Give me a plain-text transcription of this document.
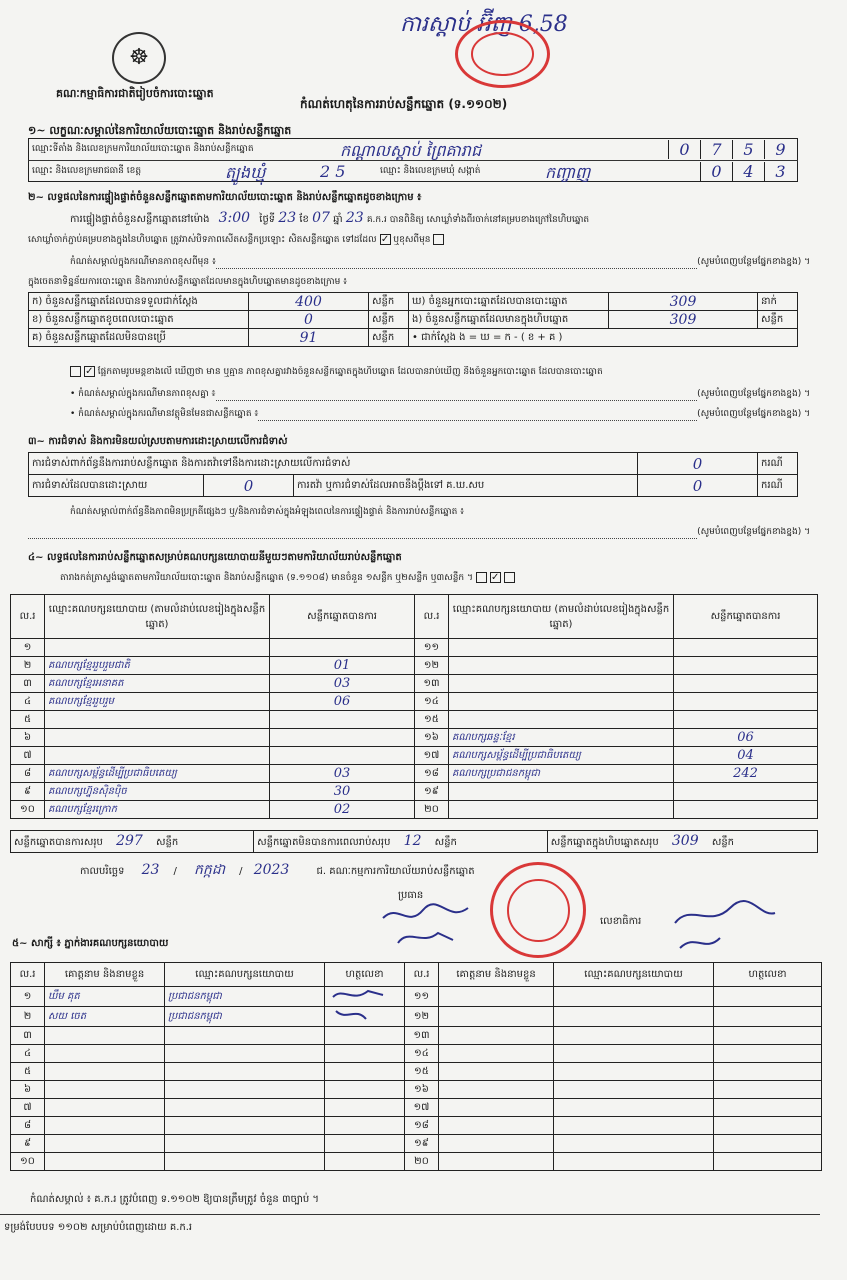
ការស្តាប់ អ៊ីញ 6,58
☸
គណៈកម្មាធិការជាតិរៀបចំការបោះឆ្នោត
កំណត់ហេតុនៃការរាប់សន្លឹកឆ្នោត (ទ.១១០២)
១~ លក្ខណៈសម្គាល់នៃការិយាល័យបោះឆ្នោត និងរាប់សន្លឹកឆ្នោត
ឈ្មោះទីតាំង និងលេខក្រមការិយាល័យបោះឆ្នោត និងរាប់សន្លឹកឆ្នោត	កណ្តាលស្តាប់ ព្រៃគារាជ	0	7	5	9
ឈ្មោះ និងលេខក្រមរាជធានី ខេត្ត	ត្បូងឃ្មុំ	2 5	ឈ្មោះ និងលេខក្រមឃុំ សង្កាត់	កញ្ចាញ	0	4	3
២~ លទ្ធផលនៃការផ្ទៀងផ្ទាត់ចំនួនសន្លឹកឆ្នោតតាមការិយាល័យបោះឆ្នោត និងរាប់សន្លឹកឆ្នោតដូចខាងក្រោម ៖
ការផ្ទៀងផ្ទាត់ចំនួនសន្លឹកឆ្នោតនៅម៉ោង 3:00 ថ្ងៃទី 23 ខែ 07 ឆ្នាំ 23 គ.ក.រ បានពិនិត្យ សោឃ្លាំទាំងពីរចាក់នៅគម្របខាងក្រៅនៃហិបឆ្នោត
សោឃ្លាំចាក់ភ្ជាប់គម្របខាងក្នុងនៃហិបឆ្នោត ត្រូវរាស់បិទភាពសើតសន្លឹកប្រឡោះ សិតសន្លឹកឆ្នោត ទៅដដែល ✓ ឬខុសពីមុន
កំណត់សម្គាល់ក្នុងករណីមានភាពខុសពីមុន ៖	(សូមបំពេញបន្ថែមផ្នែកខាងខ្នង) ។
ក្នុងចេតនាទិន្នន័យការបោះឆ្នោត និងការរាប់សន្លឹកឆ្នោតដែលមានក្នុងហិបឆ្នោតមានដូចខាងក្រោម ៖
ក) ចំនួនសន្លឹកឆ្នោតដែលបានទទួលជាក់ស្តែង	400	សន្លឹក	ឃ) ចំនួនអ្នកបោះឆ្នោតដែលបានបោះឆ្នោត	309	នាក់
ខ) ចំនួនសន្លឹកឆ្នោតខូចពេលបោះឆ្នោត	0	សន្លឹក	ង) ចំនួនសន្លឹកឆ្នោតដែលមានក្នុងហិបឆ្នោត	309	សន្លឹក
គ) ចំនួនសន្លឹកឆ្នោតដែលមិនបានប្រើ	91	សន្លឹក	• ជាក់ស្តែង ង = ឃ = ក - ( ខ + គ )		
✓ ផ្អែកតាមរូបមន្តខាងលើ ឃើញថា មាន ឬគ្មាន ភាពខុសគ្នារវាងចំនួនសន្លឹកឆ្នោតក្នុងហិបឆ្នោត ដែលបានរាប់ឃើញ និងចំនួនអ្នកបោះឆ្នោត ដែលបានបោះឆ្នោត
• កំណត់សម្គាល់ក្នុងករណីមានភាពខុសគ្នា ៖	(សូមបំពេញបន្ថែមផ្នែកខាងខ្នង) ។
• កំណត់សម្គាល់ក្នុងករណីមានវត្ថុមិនមែនជាសន្លឹកឆ្នោត ៖	(សូមបំពេញបន្ថែមផ្នែកខាងខ្នង) ។
៣~ ការជំទាស់ និងការមិនយល់ស្របតាមការដោះស្រាយលើការជំទាស់
ការជំទាស់ពាក់ព័ន្ធនឹងការរាប់សន្លឹកឆ្នោត និងការតវ៉ាទៅនឹងការដោះស្រាយលើការជំទាស់			0	ករណី
ការជំទាស់ដែលបានដោះស្រាយ	0	ការតវ៉ា ឬការជំទាស់ដែលអាចនឹងប្តឹងទៅ គ.ឃ.សប	0	ករណី
កំណត់សម្គាល់ពាក់ព័ន្ធនឹងភាពមិនប្រក្រតីផ្សេងៗ ឬ/និងការជំទាស់ក្នុងអំឡុងពេលនៃការផ្ទៀងផ្ទាត់ និងការរាប់សន្លឹកឆ្នោត ៖
(សូមបំពេញបន្ថែមផ្នែកខាងខ្នង) ។
៤~ លទ្ធផលនៃការរាប់សន្លឹកឆ្នោតសម្រាប់គណបក្សនយោបាយនីមួយៗតាមការិយាល័យរាប់សន្លឹកឆ្នោត
តារាងកត់ត្រាស្ទង់ឆ្នោតតាមការិយាល័យបោះឆ្នោត និងរាប់សន្លឹកឆ្នោត (ទ.១១០៨) មានចំនួន ១សន្លឹក ឬ២សន្លឹក ឬ៣សន្លឹក ។ ✓
ល.រ	ឈ្មោះគណបក្សនយោបាយ (តាមលំដាប់លេខរៀងក្នុងសន្លឹកឆ្នោត)	សន្លឹកឆ្នោតបានការ	ល.រ	ឈ្មោះគណបក្សនយោបាយ (តាមលំដាប់លេខរៀងក្នុងសន្លឹកឆ្នោត)	សន្លឹកឆ្នោតបានការ
១			១១		
២	គណបក្សខ្មែររួបរួមជាតិ	01	១២		
៣	គណបក្សខ្មែរអនាគត	03	១៣		
៤	គណបក្សខ្មែររួបរួម	06	១៤		
៥			១៥		
៦			១៦	គណបក្សឆន្ទៈខ្មែរ	06
៧			១៧	គណបក្សសម្ព័ន្ធដើម្បីប្រជាធិបតេយ្យ	04
៨	គណបក្សសម្ព័ន្ធដើម្បីប្រជាធិបតេយ្យ	03	១៨	គណបក្សប្រជាជនកម្ពុជា	242
៩	គណបក្សហ្វ៊ុនស៊ិនប៉ិច	30	១៩		
១០	គណបក្សខ្មែរក្រោក	02	២០		
សន្លឹកឆ្នោតបានការសរុប 297 សន្លឹក	សន្លឹកឆ្នោតមិនបានការពេលរាប់សរុប 12 សន្លឹក	សន្លឹកឆ្នោតក្នុងហិបឆ្នោតសរុប 309 សន្លឹក
កាលបរិច្ឆេទ 23 / កក្កដា / 2023	ជ. គណៈកម្មការការិយាល័យរាប់សន្លឹកឆ្នោត
ប្រធាន
លេខាធិការ
៥~ សាក្សី ៖ ភ្នាក់ងារគណបក្សនយោបាយ
ល.រ	គោត្តនាម និងនាមខ្លួន	ឈ្មោះគណបក្សនយោបាយ	ហត្ថលេខា	ល.រ	គោត្តនាម និងនាមខ្លួន	ឈ្មោះគណបក្សនយោបាយ	ហត្ថលេខា
១	ឃឹម គុត	ប្រជាជនកម្ពុជា		១១			
២	សយ ចេត	ប្រជាជនកម្ពុជា		១២			
៣				១៣			
៤				១៤			
៥				១៥			
៦				១៦			
៧				១៧			
៨				១៨			
៩				១៩			
១០				២០			
កំណត់សម្គាល់ ៖ គ.ក.រ ត្រូវបំពេញ ទ.១១០២ ឱ្យបានត្រឹមត្រូវ ចំនួន ៣ច្បាប់ ។
ទម្រង់បែបបទ ១១០២ សម្រាប់បំពេញដោយ គ.ក.រ
